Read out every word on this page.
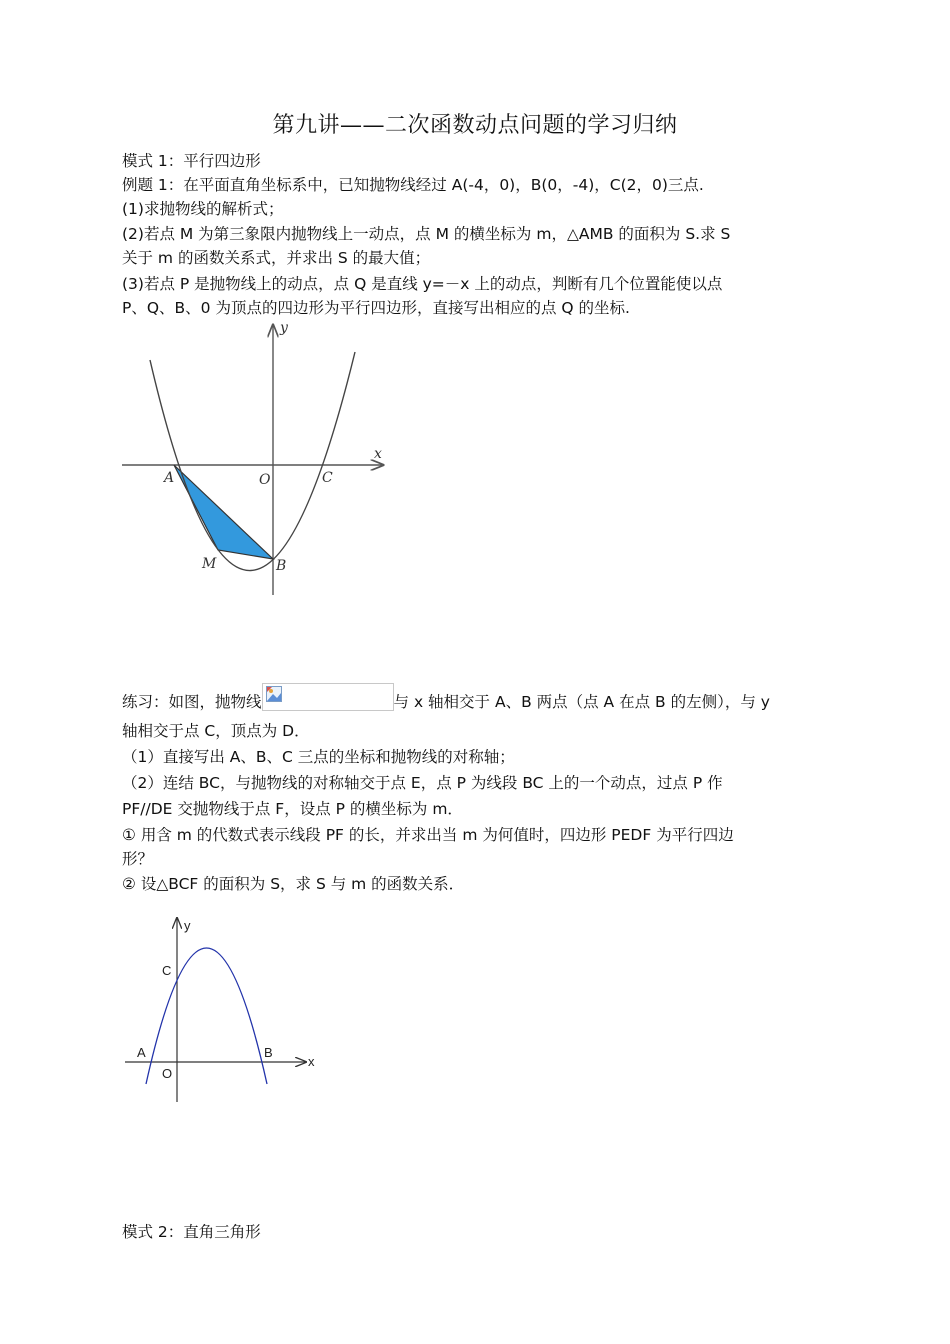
第九讲——二次函数动点问题的学习归纳
模式 1：平行四边形
例题 1：在平面直角坐标系中，已知抛物线经过 A(-4，0)，B(0，-4)，C(2，0)三点.
(1)求抛物线的解析式；
(2)若点 M 为第三象限内抛物线上一动点，点 M 的横坐标为 m，△AMB 的面积为 S.求 S
关于 m 的函数关系式，并求出 S 的最大值；
(3)若点 P 是抛物线上的动点，点 Q 是直线 y=－x 上的动点，判断有几个位置能使以点
P、Q、B、0 为顶点的四边形为平行四边形，直接写出相应的点 Q 的坐标.
y
x
A	O	C
M	B
练习：如图，抛物线	与 x 轴相交于 A、B 两点（点 A 在点 B 的左侧），与 y
轴相交于点 C，顶点为 D．
（1）直接写出 A、B、C 三点的坐标和抛物线的对称轴；
（2）连结 BC，与抛物线的对称轴交于点 E，点 P 为线段 BC 上的一个动点，过点 P 作
PF//DE 交抛物线于点 F，设点 P 的横坐标为 m．
① 用含 m 的代数式表示线段 PF 的长，并求出当 m 为何值时，四边形 PEDF 为平行四边
形？
② 设△BCF 的面积为 S，求 S 与 m 的函数关系．
y
x
C
A	B
O
模式 2：直角三角形
